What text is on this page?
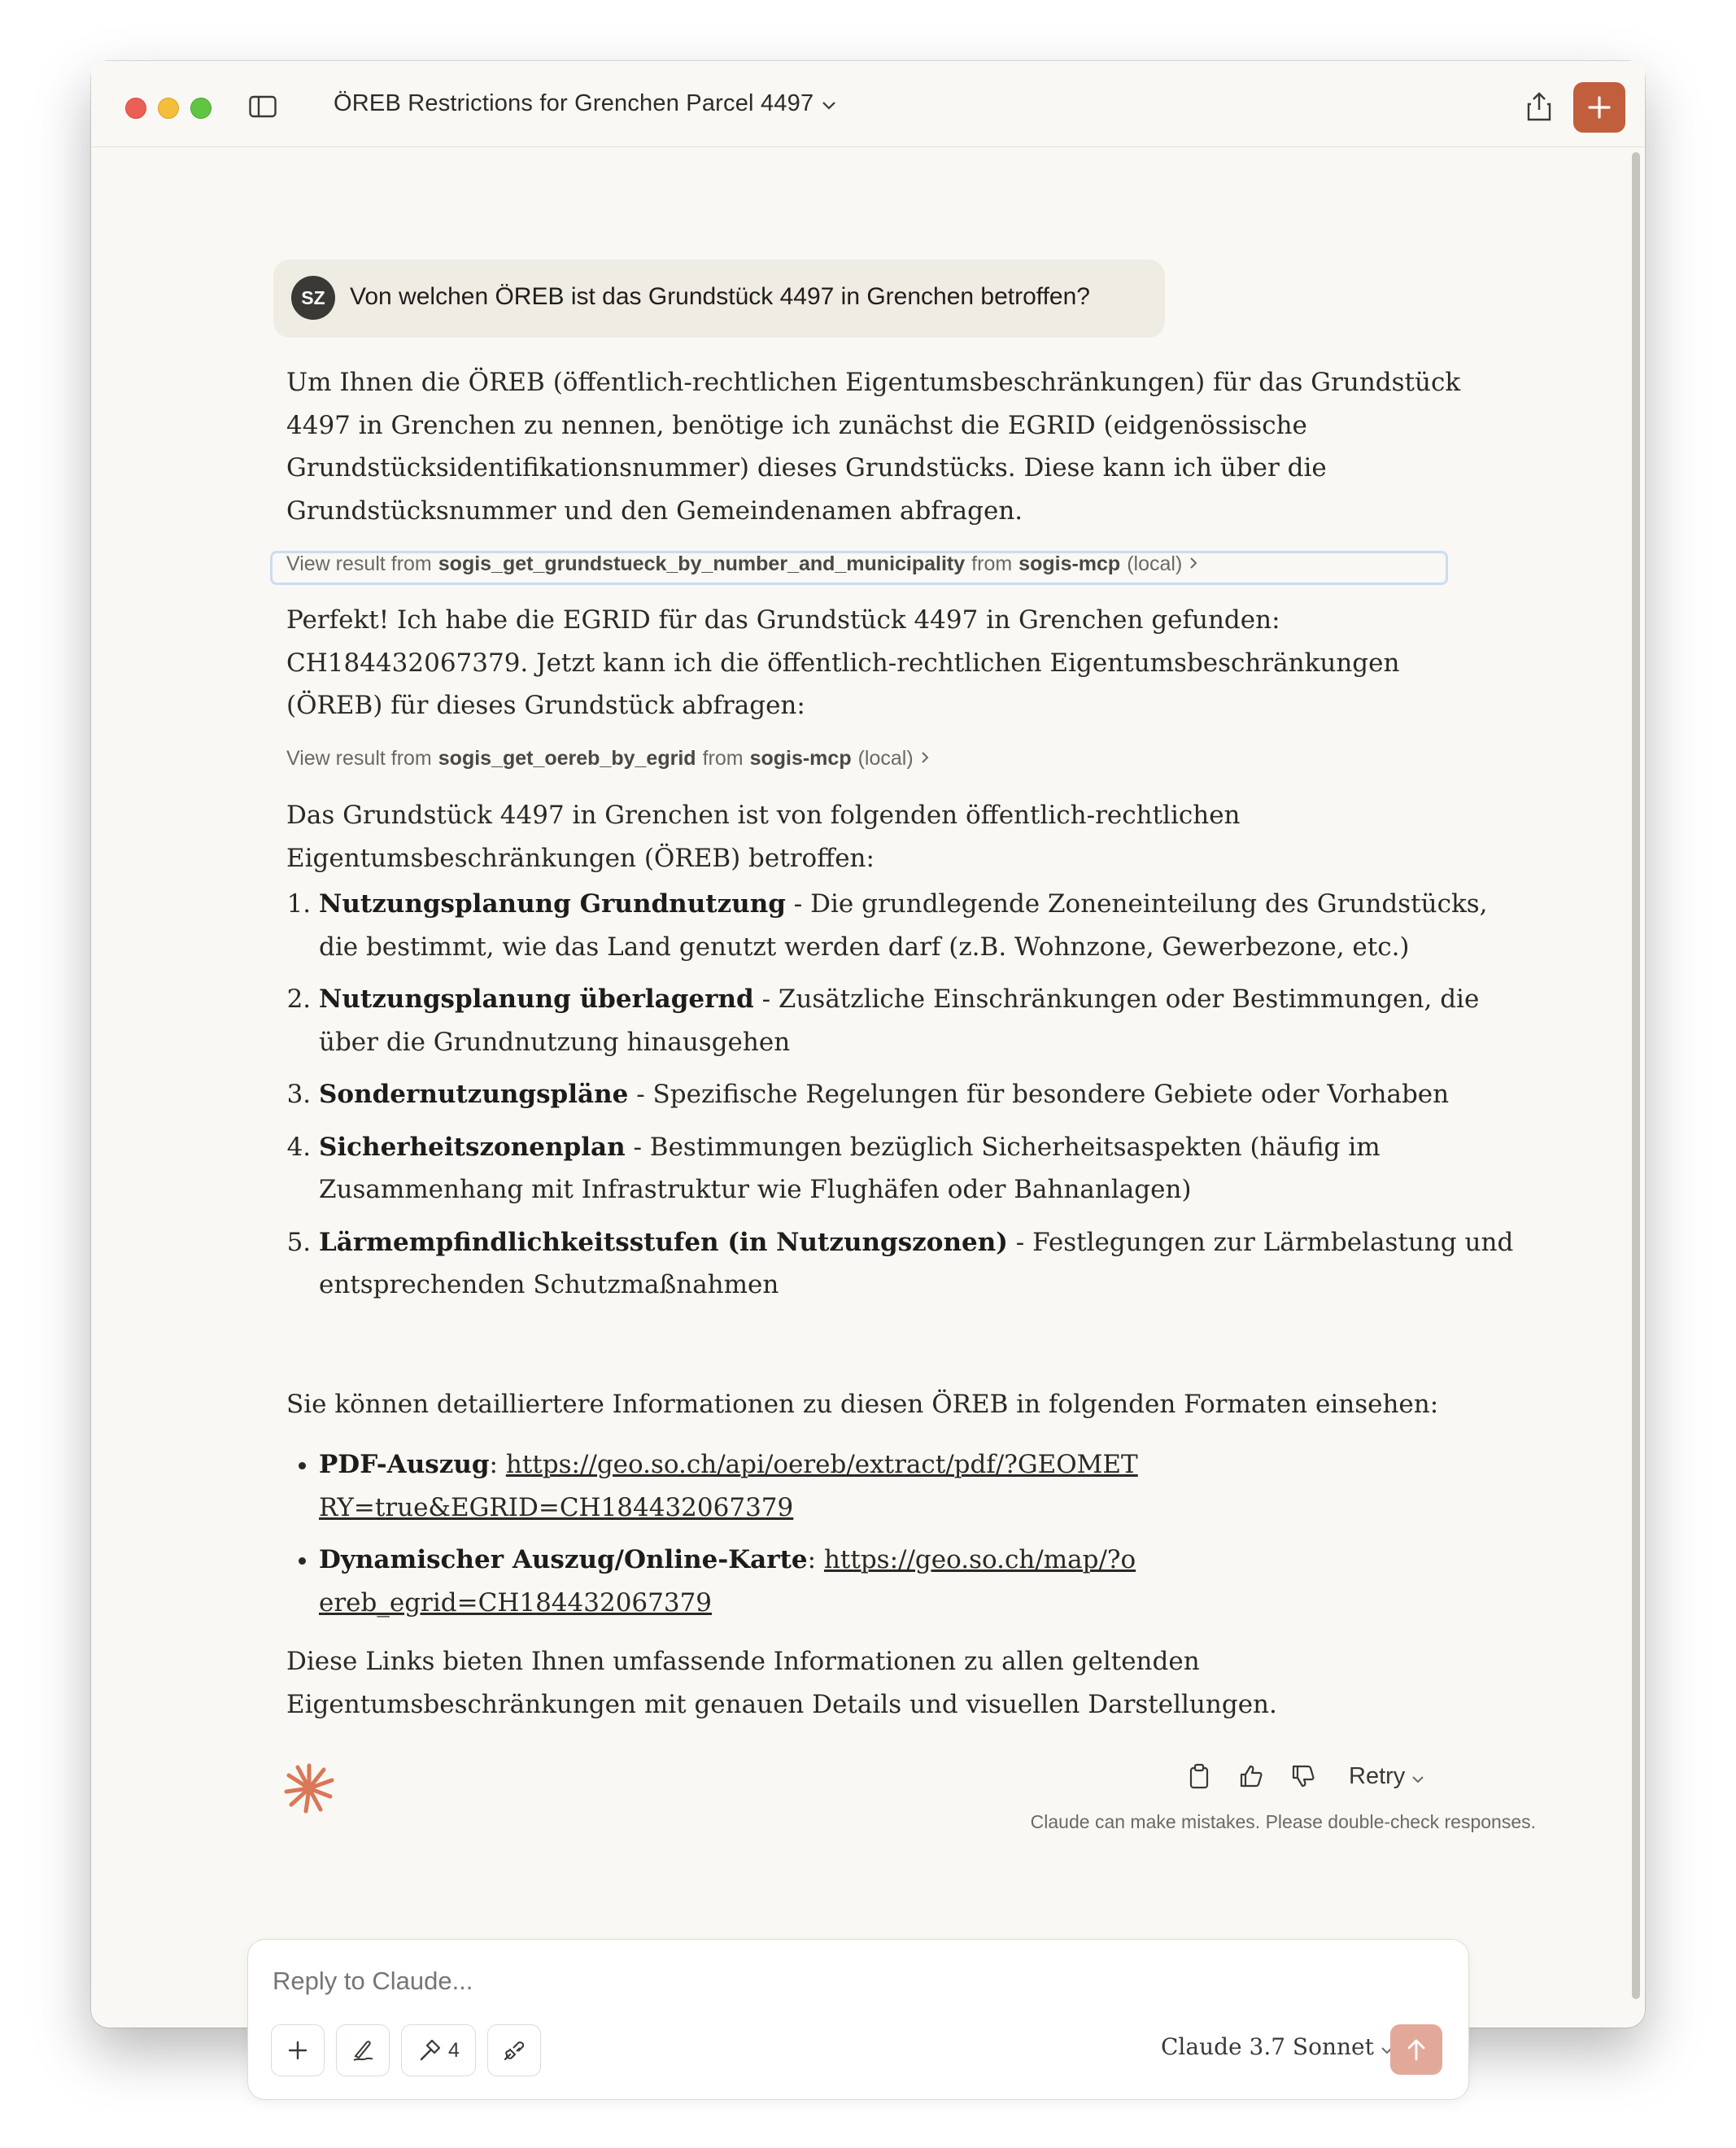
ÖREB Restrictions for Grenchen Parcel 4497
SZ	Von welchen ÖREB ist das Grundstück 4497 in Grenchen betroffen?
Um Ihnen die ÖREB (öffentlich-rechtlichen Eigentumsbeschränkungen) für das Grundstück 4497 in Grenchen zu nennen, benötige ich zunächst die EGRID (eidgenössische Grundstücksidentifikationsnummer) dieses Grundstücks. Diese kann ich über die Grundstücksnummer und den Gemeindenamen abfragen.
View result from sogis_get_grundstueck_by_number_and_municipality from sogis-mcp (local)
Perfekt! Ich habe die EGRID für das Grundstück 4497 in Grenchen gefunden: CH184432067379. Jetzt kann ich die öffentlich-rechtlichen Eigentumsbeschränkungen (ÖREB) für dieses Grundstück abfragen:
View result from sogis_get_oereb_by_egrid from sogis-mcp (local)
Das Grundstück 4497 in Grenchen ist von folgenden öffentlich-rechtlichen Eigentumsbeschränkungen (ÖREB) betroffen:
1. Nutzungsplanung Grundnutzung - Die grundlegende Zoneneinteilung des Grundstücks, die bestimmt, wie das Land genutzt werden darf (z.B. Wohnzone, Gewerbezone, etc.)
2. Nutzungsplanung überlagernd - Zusätzliche Einschränkungen oder Bestimmungen, die über die Grundnutzung hinausgehen
3. Sondernutzungspläne - Spezifische Regelungen für besondere Gebiete oder Vorhaben
4. Sicherheitszonenplan - Bestimmungen bezüglich Sicherheitsaspekten (häufig im Zusammenhang mit Infrastruktur wie Flughäfen oder Bahnanlagen)
5. Lärmempfindlichkeitsstufen (in Nutzungszonen) - Festlegungen zur Lärmbelastung und entsprechenden Schutzmaßnahmen
Sie können detailliertere Informationen zu diesen ÖREB in folgenden Formaten einsehen:
• PDF-Auszug: https://geo.so.ch/api/oereb/extract/pdf/?GEOMETRY=true&EGRID=CH184432067379
• Dynamischer Auszug/Online-Karte: https://geo.so.ch/map/?oereb_egrid=CH184432067379
Diese Links bieten Ihnen umfassende Informationen zu allen geltenden Eigentumsbeschränkungen mit genauen Details und visuellen Darstellungen.
Retry
Claude can make mistakes. Please double-check responses.
Reply to Claude...
4	Claude 3.7 Sonnet
